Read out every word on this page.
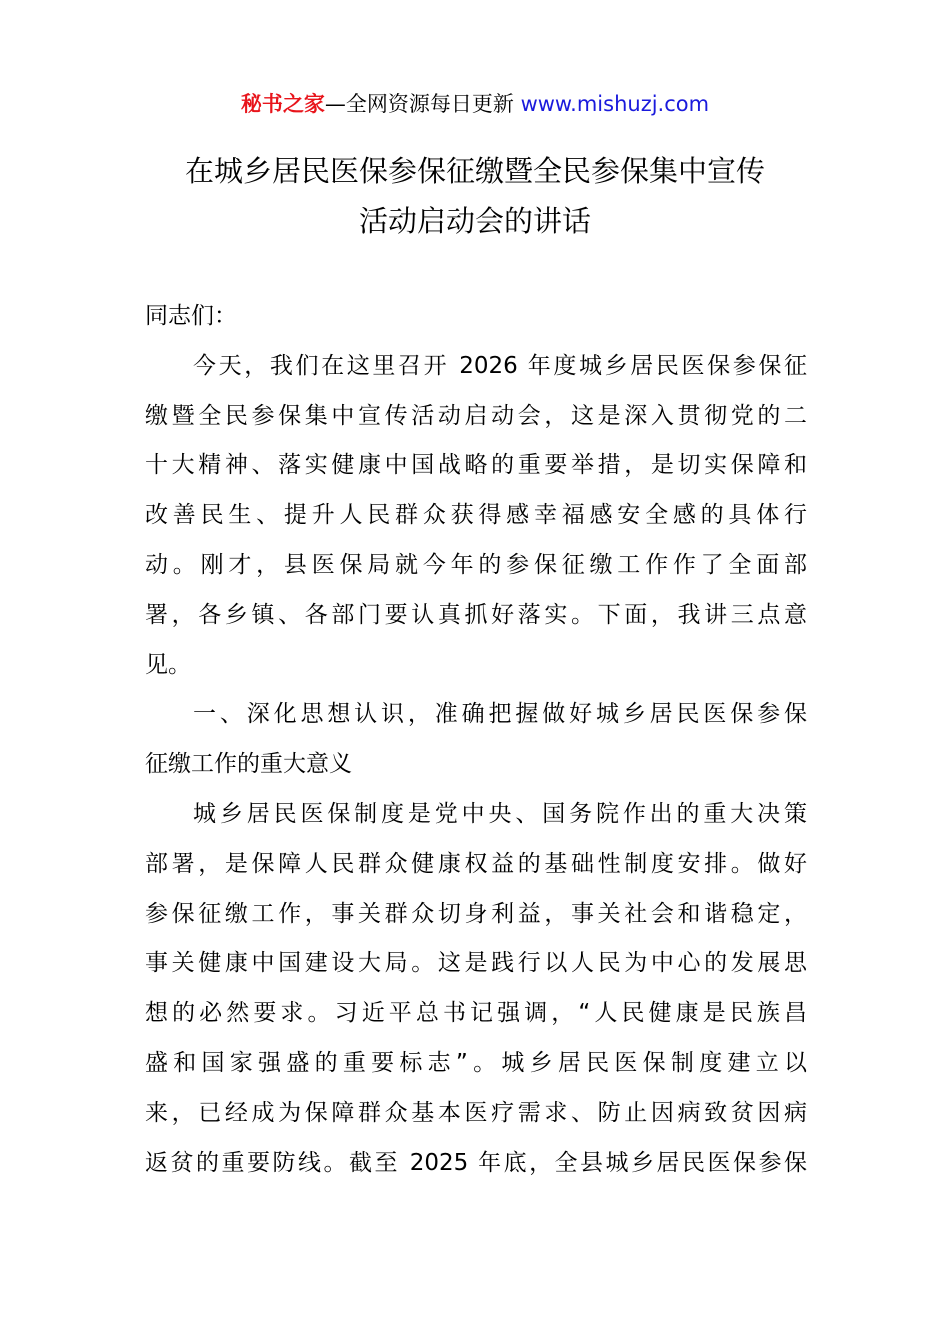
秘书之家—全网资源每日更新 www.mishuzj.com
在城乡居民医保参保征缴暨全民参保集中宣传
活动启动会的讲话
同志们：
今天，我们在这里召开 2026 年度城乡居民医保参保征
缴暨全民参保集中宣传活动启动会，这是深入贯彻党的二
十大精神、落实健康中国战略的重要举措，是切实保障和
改善民生、提升人民群众获得感幸福感安全感的具体行
动。刚才，县医保局就今年的参保征缴工作作了全面部
署，各乡镇、各部门要认真抓好落实。下面，我讲三点意
见。
一、深化思想认识，准确把握做好城乡居民医保参保
征缴工作的重大意义
城乡居民医保制度是党中央、国务院作出的重大决策
部署，是保障人民群众健康权益的基础性制度安排。做好
参保征缴工作，事关群众切身利益，事关社会和谐稳定，
事关健康中国建设大局。这是践行以人民为中心的发展思
想的必然要求。习近平总书记强调，“人民健康是民族昌
盛和国家强盛的重要标志”。城乡居民医保制度建立以
来，已经成为保障群众基本医疗需求、防止因病致贫因病
返贫的重要防线。截至 2025 年底，全县城乡居民医保参保
